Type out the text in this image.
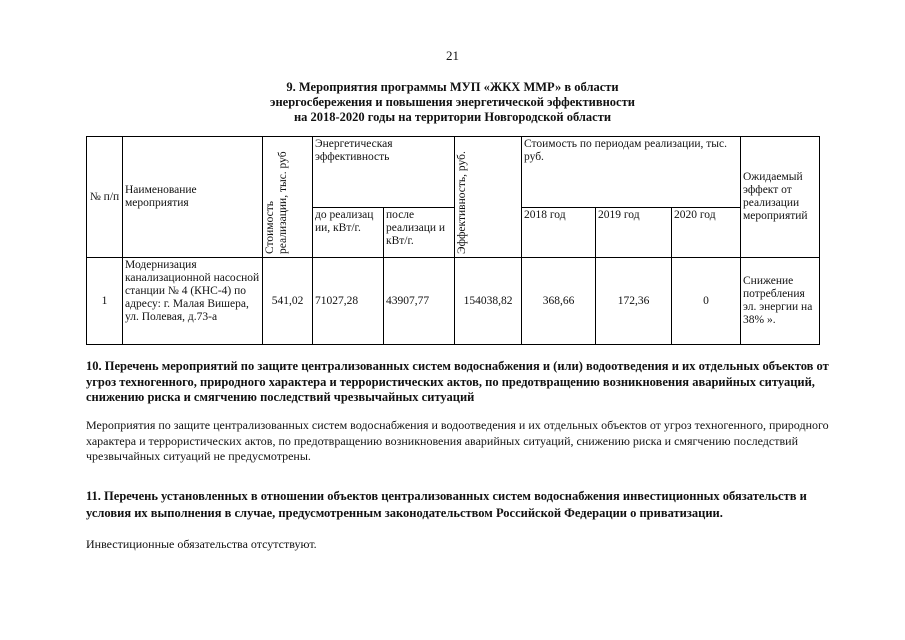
21
9. Мероприятия программы МУП «ЖКХ ММР» в области
энергосбережения и повышения энергетической эффективности
на 2018-2020 годы на территории Новгородской области
№ п/п	Наименование мероприятия	Стоимость реализации, тыс. руб	Энергетическая эффективность		Эффективность, руб.	Стоимость по периодам реализации, тыс. руб.			Ожидаемый эффект от реализации мероприятий
			до реализац ии, кВт/г.	после реализаци и кВт/г.		2018 год	2019 год	2020 год	
1	Модернизация канализационной насосной станции № 4 (КНС-4) по адресу: г. Малая Вишера, ул. Полевая, д.73-а	541,02	71027,28	43907,77	154038,82	368,66	172,36	0	Снижение потребления эл. энергии на 38% ».
10. Перечень мероприятий по защите централизованных систем водоснабжения и (или) водоотведения и их отдельных объектов от угроз техногенного, природного характера и террористических актов, по предотвращению возникновения аварийных ситуаций, снижению риска и смягчению последствий чрезвычайных ситуаций
Мероприятия по защите централизованных систем водоснабжения и водоотведения и их отдельных объектов от угроз техногенного, природного характера и террористических актов, по предотвращению возникновения аварийных ситуаций, снижению риска и смягчению последствий чрезвычайных ситуаций не предусмотрены.
11. Перечень установленных в отношении объектов централизованных систем водоснабжения инвестиционных обязательств и условия их выполнения в случае, предусмотренным законодательством Российской Федерации о приватизации.
Инвестиционные обязательства отсутствуют.
